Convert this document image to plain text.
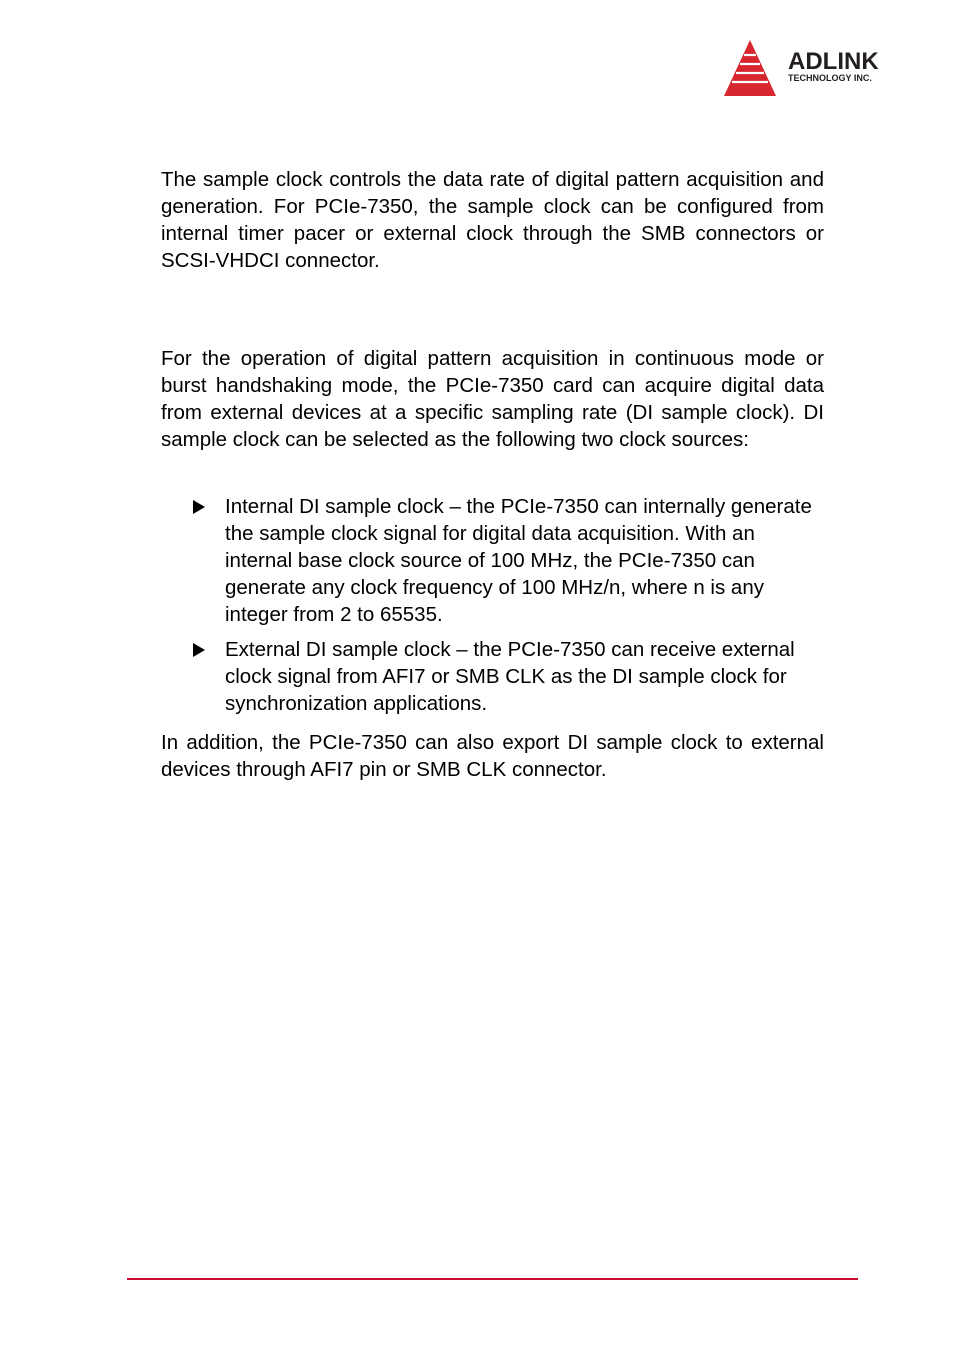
ADLINK
TECHNOLOGY INC.

The sample clock controls the data rate of digital pattern acquisition and generation. For PCIe-7350, the sample clock can be configured from internal timer pacer or external clock through the SMB connectors or SCSI-VHDCI connector.

For the operation of digital pattern acquisition in continuous mode or burst handshaking mode, the PCIe-7350 card can acquire digital data from external devices at a specific sampling rate (DI sample clock). DI sample clock can be selected as the following two clock sources:

Internal DI sample clock – the PCIe-7350 can internally generate the sample clock signal for digital data acquisition. With an internal base clock source of 100 MHz, the PCIe-7350 can generate any clock frequency of 100 MHz/n, where n is any integer from 2 to 65535.
External DI sample clock – the PCIe-7350 can receive external clock signal from AFI7 or SMB CLK as the DI sample clock for synchronization applications.

In addition, the PCIe-7350 can also export DI sample clock to external devices through AFI7 pin or SMB CLK connector.
